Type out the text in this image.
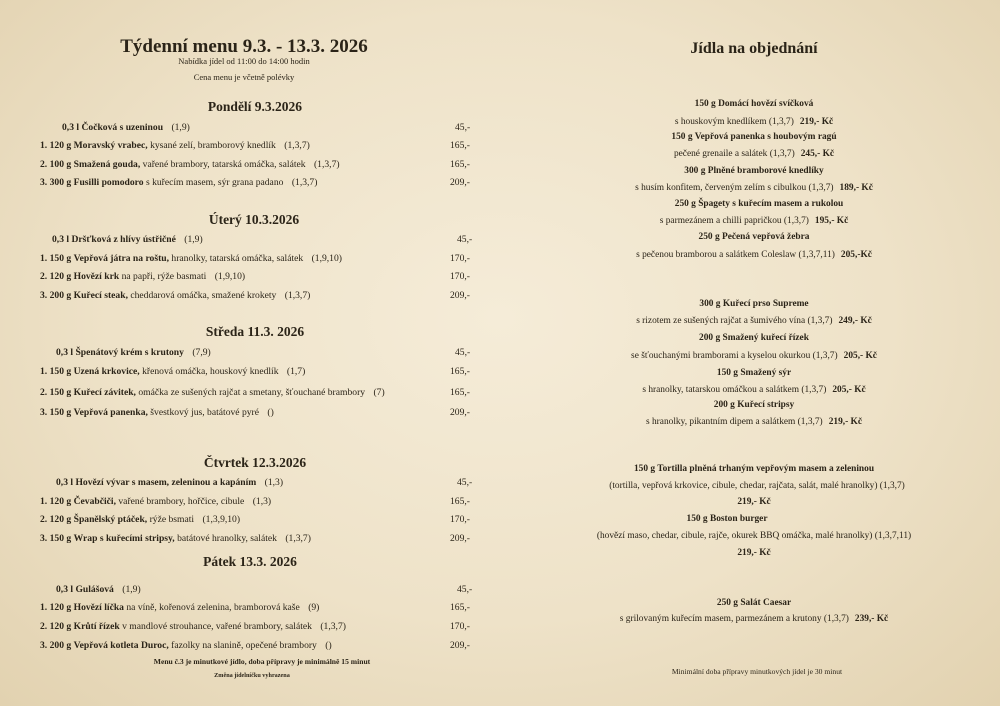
Týdenní menu 9.3. - 13.3. 2026
Nabídka jídel od 11:00 do 14:00 hodin
Cena menu je včetně polévky
Pondělí 9.3.2026
0,3 l Čočková s uzeninou (1,9)	45,-
1. 120 g Moravský vrabec, kysané zelí, bramborový knedlík (1,3,7)	165,-
2. 100 g Smažená gouda, vařené brambory, tatarská omáčka, salátek (1,3,7)	165,-
3. 300 g Fusilli pomodoro s kuřecím masem, sýr grana padano (1,3,7)	209,-
Úterý 10.3.2026
0,3 l Dršťková z hlívy ústřičné (1,9)	45,-
1. 150 g Vepřová játra na roštu, hranolky, tatarská omáčka, salátek (1,9,10)	170,-
2. 120 g Hovězí krk na papři, rýže basmati (1,9,10)	170,-
3. 200 g Kuřecí steak, cheddarová omáčka, smažené krokety (1,3,7)	209,-
Středa 11.3. 2026
0,3 l Špenátový krém s krutony (7,9)	45,-
1. 150 g Uzená krkovice, křenová omáčka, houskový knedlík (1,7)	165,-
2. 150 g Kuřecí závitek, omáčka ze sušených rajčat a smetany, šťouchané brambory (7)	165,-
3. 150 g Vepřová panenka, švestkový jus, batátové pyré ()	209,-
Čtvrtek 12.3.2026
0,3 l Hovězí vývar s masem, zeleninou a kapáním (1,3)	45,-
1. 120 g Čevabčiči, vařené brambory, hořčice, cibule (1,3)	165,-
2. 120 g Španělský ptáček, rýže bsmati (1,3,9,10)	170,-
3. 150 g Wrap s kuřecími stripsy, batátové hranolky, salátek (1,3,7)	209,-
Pátek 13.3. 2026
0,3 l Gulášová (1,9)	45,-
1. 120 g Hovězí líčka na víně, kořenová zelenina, bramborová kaše (9)	165,-
2. 120 g Krůtí řízek v mandlové strouhance, vařené brambory, salátek (1,3,7)	170,-
3. 200 g Vepřová kotleta Duroc, fazolky na slanině, opečené brambory ()	209,-
Menu č.3 je minutkové jídlo, doba přípravy je minimálně 15 minut
Změna jídelníčku vyhrazena
Jídla na objednání
150 g Domácí hovězí svíčková
s houskovým knedlíkem (1,3,7) 219,- Kč
150 g Vepřová panenka s houbovým ragú
pečené grenaile a salátek (1,3,7) 245,- Kč
300 g Plněné bramborové knedlíky
s husím konfitem, červeným zelím s cibulkou (1,3,7) 189,- Kč
250 g Špagety s kuřecím masem a rukolou
s parmezánem a chilli papričkou (1,3,7) 195,- Kč
250 g Pečená vepřová žebra
s pečenou bramborou a salátkem Coleslaw (1,3,7,11) 205,-Kč
300 g Kuřecí prso Supreme
s rizotem ze sušených rajčat a šumivého vína (1,3,7) 249,- Kč
200 g Smažený kuřecí řízek
se šťouchanými bramborami a kyselou okurkou (1,3,7) 205,- Kč
150 g Smažený sýr
s hranolky, tatarskou omáčkou a salátkem (1,3,7) 205,- Kč
200 g Kuřecí stripsy
s hranolky, pikantním dipem a salátkem (1,3,7) 219,- Kč
150 g Tortilla plněná trhaným vepřovým masem a zeleninou
(tortilla, vepřová krkovice, cibule, chedar, rajčata, salát, malé hranolky) (1,3,7)
219,- Kč
150 g Boston burger
(hovězí maso, chedar, cibule, rajče, okurek BBQ omáčka, malé hranolky) (1,3,7,11)
219,- Kč
250 g Salát Caesar
s grilovaným kuřecím masem, parmezánem a krutony (1,3,7) 239,- Kč
Minimální doba přípravy minutkových jídel je 30 minut
